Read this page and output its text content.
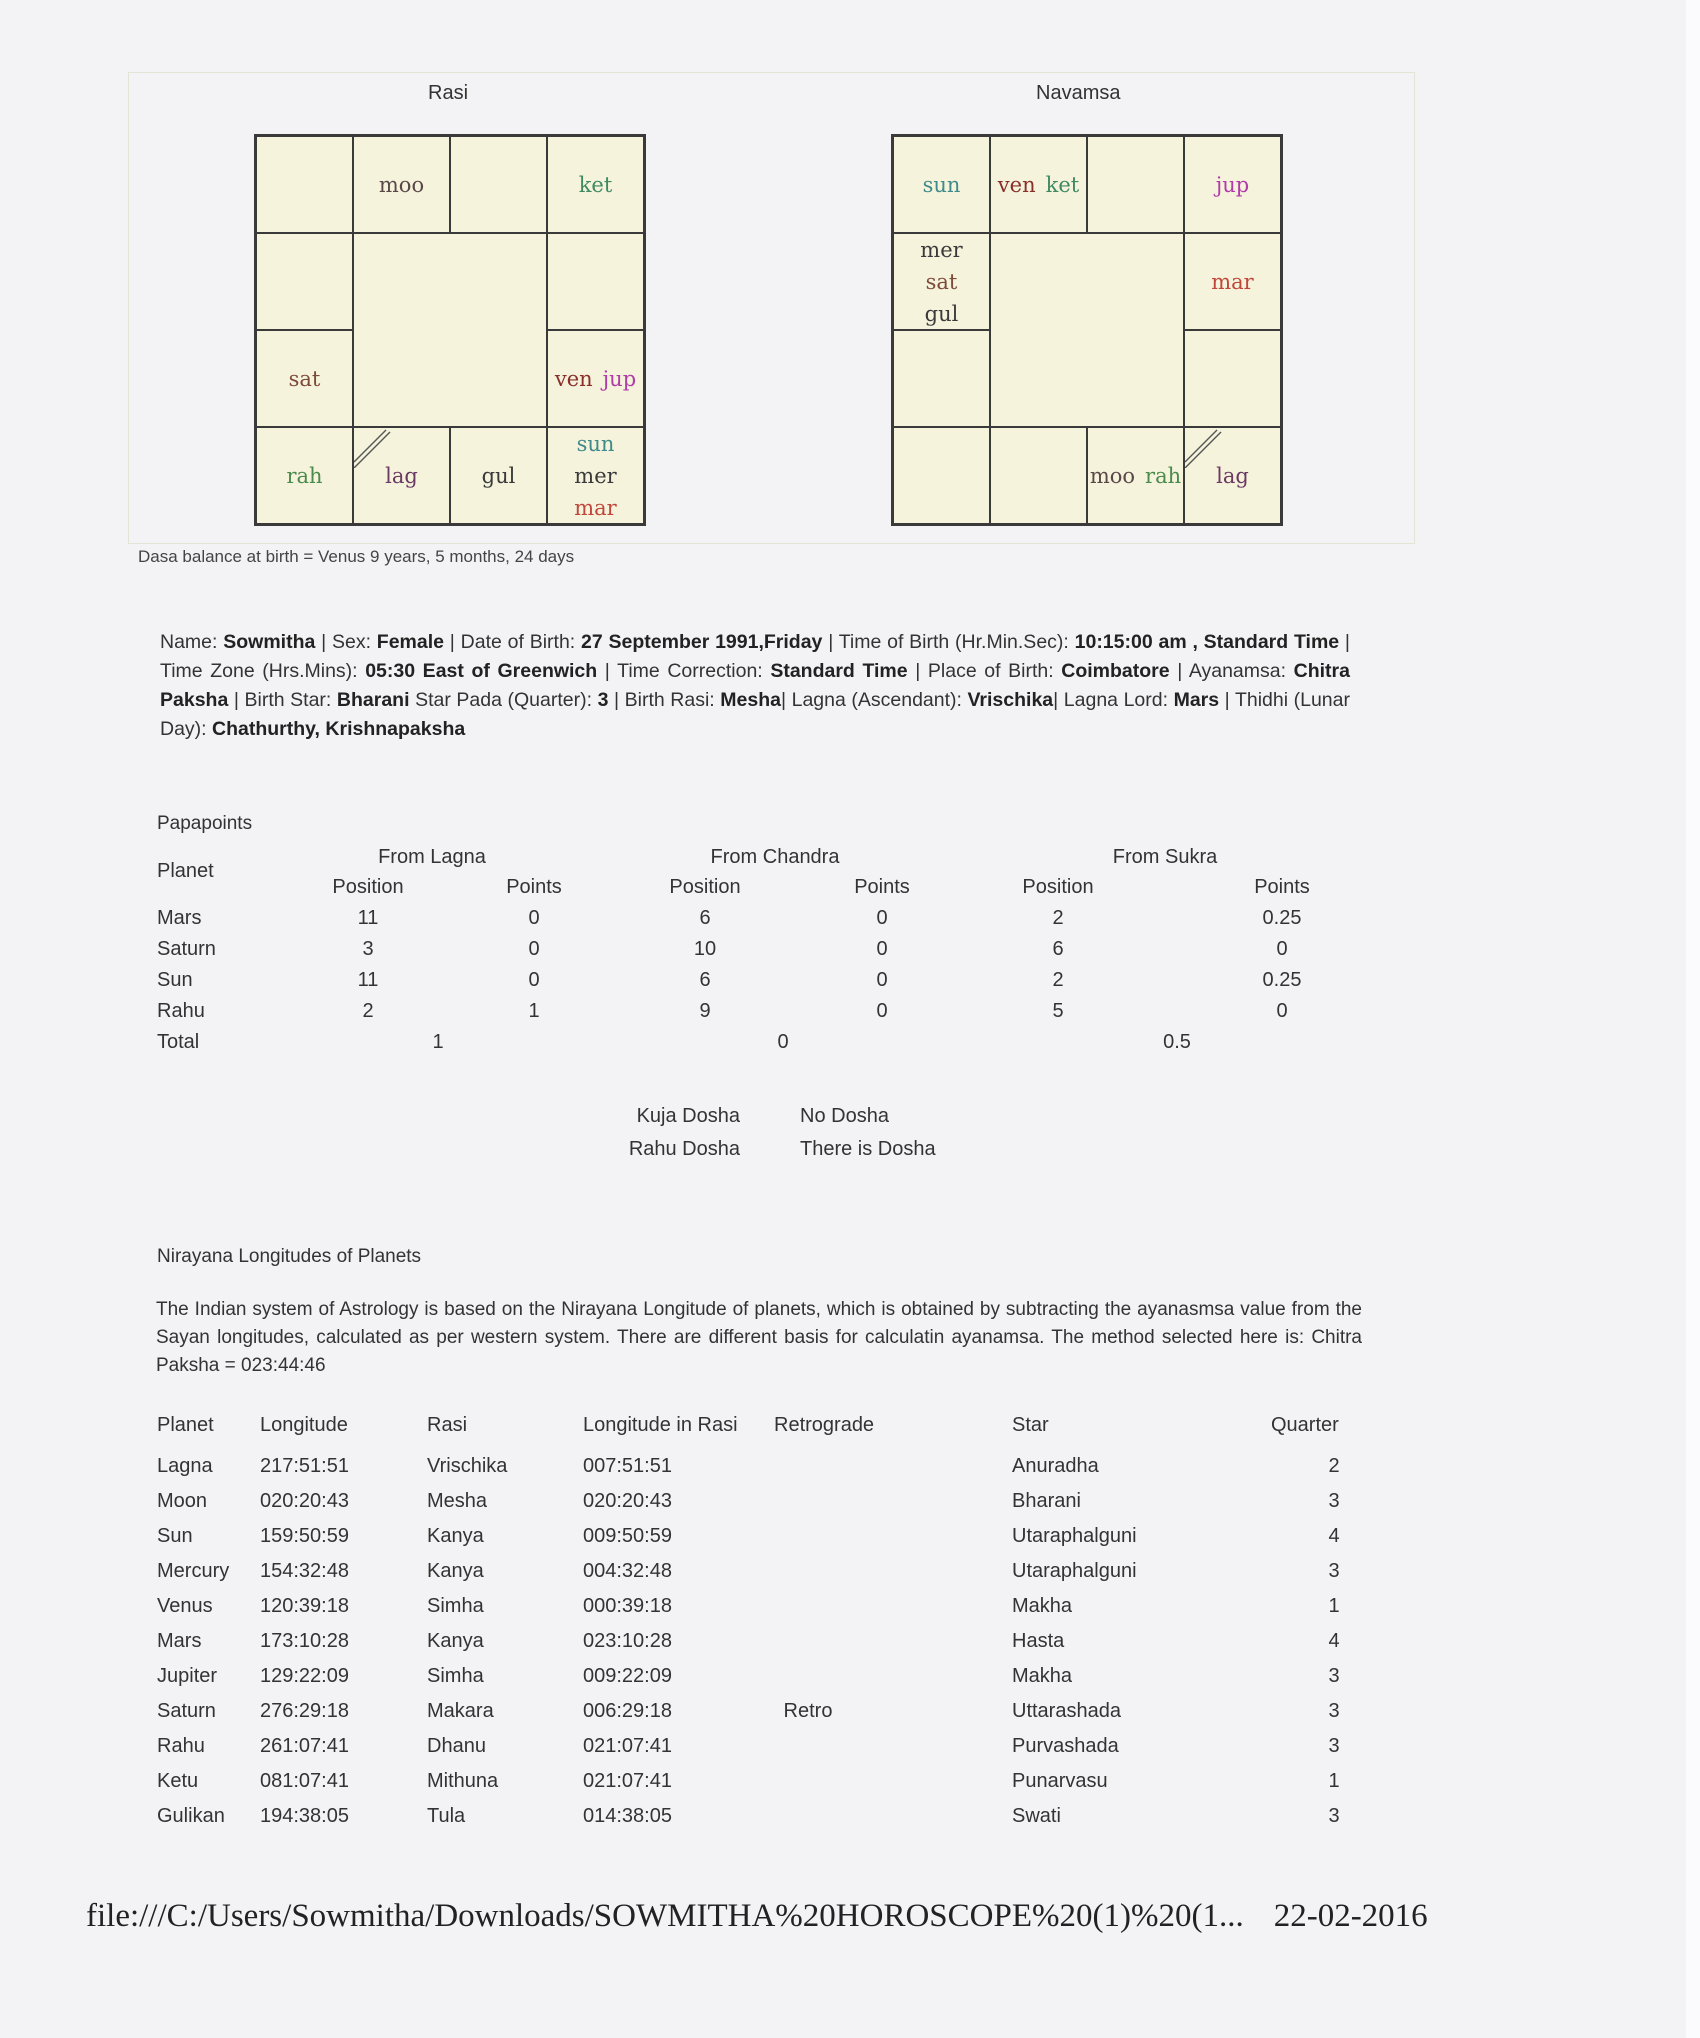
Rasi
moo	ket
sat	ven jup
rah	lag	gul
sun
mer
mar
Navamsa
sun ven ket	jup
mer
sat
gul
mar
moo rah lag
Dasa balance at birth = Venus 9 years, 5 months, 24 days
Name: Sowmitha | Sex: Female | Date of Birth: 27 September 1991,Friday | Time of Birth (Hr.Min.Sec): 10:15:00 am , Standard Time | Time Zone (Hrs.Mins): 05:30 East of Greenwich | Time Correction: Standard Time | Place of Birth: Coimbatore | Ayanamsa: Chitra Paksha | Birth Star: Bharani Star Pada (Quarter): 3 | Birth Rasi: Mesha| Lagna (Ascendant): Vrischika| Lagna Lord: Mars | Thidhi (Lunar Day): Chathurthy, Krishnapaksha
Papapoints
Planet
From Lagna	From Chandra	From Sukra
Position	Points	Position	Points	Position	Points
Mars	11	0	6	0	2	0.25
Saturn	3	0	10	0	6	0
Sun	11	0	6	0	2	0.25
Rahu	2	1	9	0	5	0
Total	1	0	0.5
Kuja Dosha	No Dosha
Rahu Dosha	There is Dosha
Nirayana Longitudes of Planets
The Indian system of Astrology is based on the Nirayana Longitude of planets, which is obtained by subtracting the ayanasmsa value from the Sayan longitudes, calculated as per western system. There are different basis for calculatin ayanamsa. The method selected here is: Chitra Paksha = 023:44:46
Planet Longitude	Rasi	Longitude in Rasi Retrograde	Star	Quarter
Lagna 217:51:51	Vrischika	007:51:51	Anuradha	2
Moon	020:20:43	Mesha	020:20:43	Bharani	3
Sun	159:50:59	Kanya	009:50:59	Utaraphalguni	4
Mercury 154:32:48	Kanya	004:32:48	Utaraphalguni	3
Venus 120:39:18	Simha	000:39:18	Makha	1
Mars	173:10:28	Kanya	023:10:28	Hasta	4
Jupiter 129:22:09	Simha	009:22:09	Makha	3
Saturn 276:29:18	Makara	006:29:18	Retro	Uttarashada	3
Rahu	261:07:41	Dhanu	021:07:41	Purvashada	3
Ketu	081:07:41	Mithuna	021:07:41	Punarvasu	1
Gulikan 194:38:05	Tula	014:38:05	Swati	3
file:///C:/Users/Sowmitha/Downloads/SOWMITHA%20HOROSCOPE%20(1)%20(1... 22-02-2016
